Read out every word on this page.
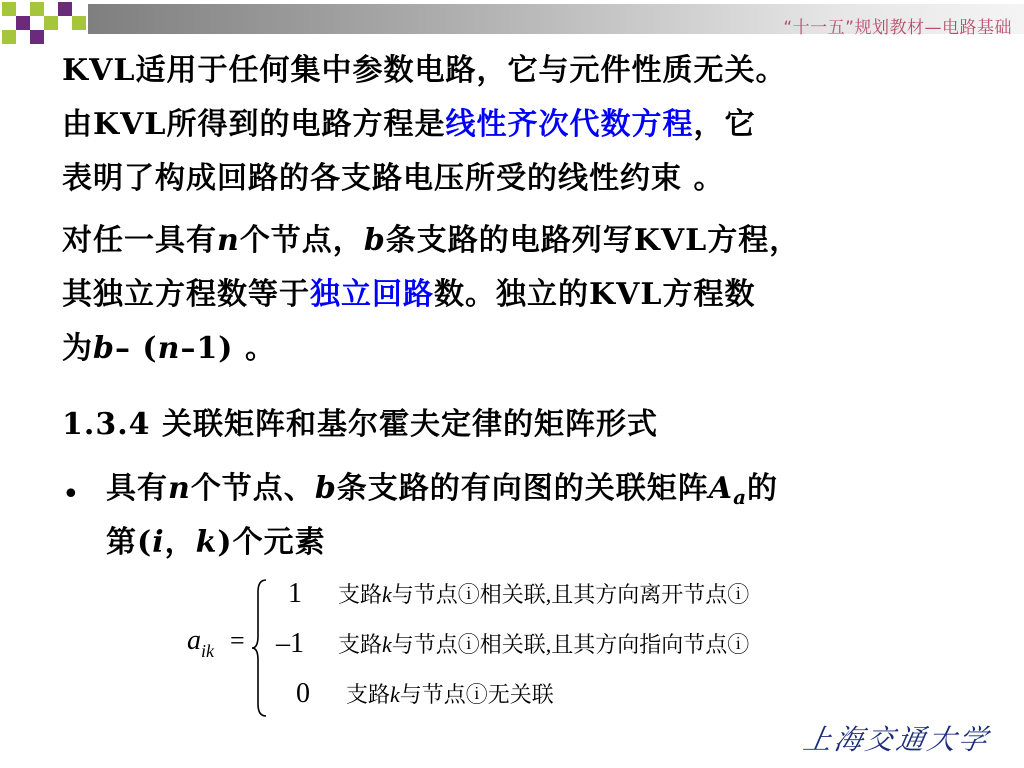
“十一五”规划教材—电路基础
KVL适用于任何集中参数电路，它与元件性质无关。
由KVL所得到的电路方程是线性齐次代数方程，它
表明了构成回路的各支路电压所受的线性约束 。
对任一具有n个节点，b条支路的电路列写KVL方程，
其独立方程数等于独立回路数。独立的KVL方程数
为b– (n–1) 。
1.3.4 关联矩阵和基尔霍夫定律的矩阵形式
• 具有n个节点、b条支路的有向图的关联矩阵$A_a$的
第(i，k)个元素
$a_{ik}$ =
1 支路k与节点ⓘ相关联,且其方向离开节点ⓘ
–1 支路k与节点ⓘ相关联,且其方向指向节点ⓘ
0 支路k与节点ⓘ无关联
上海交通大学
